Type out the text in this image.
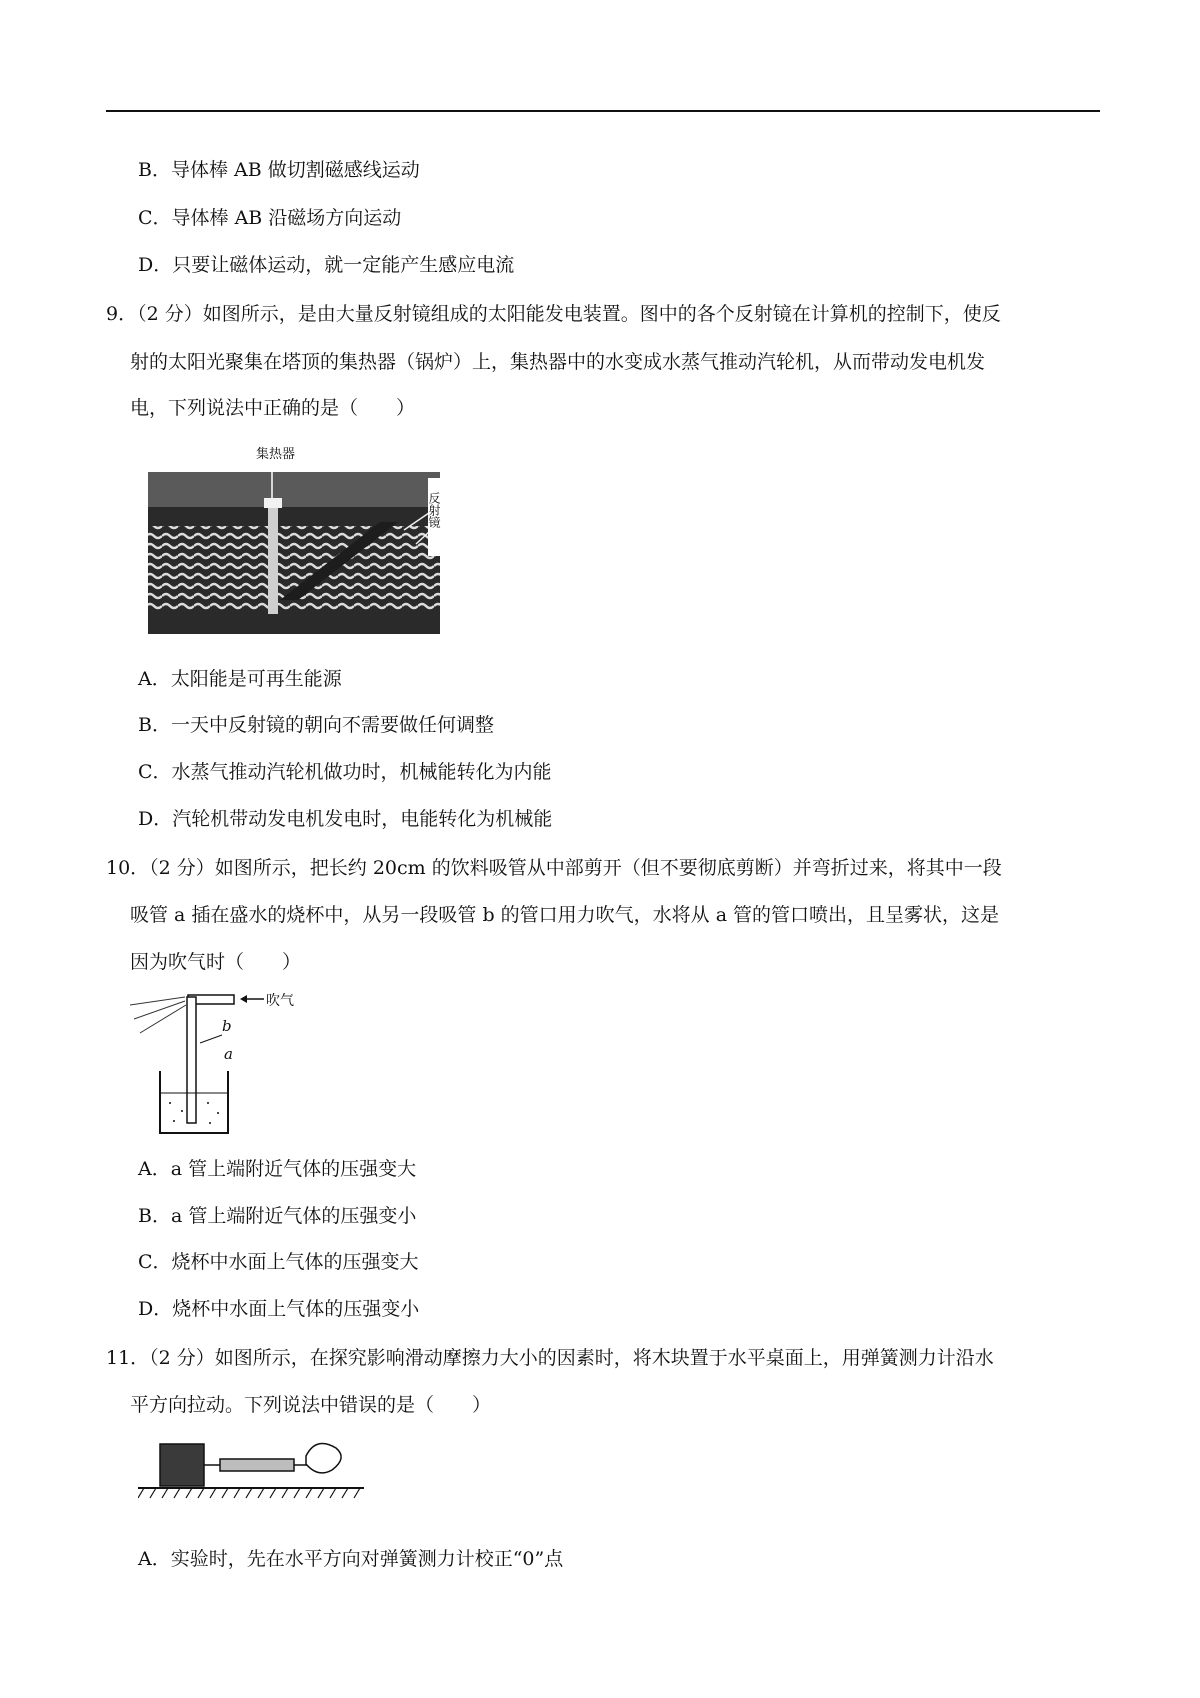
B．导体棒 AB 做切割磁感线运动
C．导体棒 AB 沿磁场方向运动
D．只要让磁体运动，就一定能产生感应电流
9．（2 分）如图所示，是由大量反射镜组成的太阳能发电装置。图中的各个反射镜在计算机的控制下，使反
射的太阳光聚集在塔顶的集热器（锅炉）上，集热器中的水变成水蒸气推动汽轮机，从而带动发电机发
电，下列说法中正确的是（　　）
集热器
反射镜
A．太阳能是可再生能源
B．一天中反射镜的朝向不需要做任何调整
C．水蒸气推动汽轮机做功时，机械能转化为内能
D．汽轮机带动发电机发电时，电能转化为机械能
10．（2 分）如图所示，把长约 20cm 的饮料吸管从中部剪开（但不要彻底剪断）并弯折过来，将其中一段
吸管 a 插在盛水的烧杯中，从另一段吸管 b 的管口用力吹气，水将从 a 管的管口喷出，且呈雾状，这是
因为吹气时（　　）
吹气
b
a
A．a 管上端附近气体的压强变大
B．a 管上端附近气体的压强变小
C．烧杯中水面上气体的压强变大
D．烧杯中水面上气体的压强变小
11．（2 分）如图所示，在探究影响滑动摩擦力大小的因素时，将木块置于水平桌面上，用弹簧测力计沿水
平方向拉动。下列说法中错误的是（　　）
A．实验时，先在水平方向对弹簧测力计校正“0”点
